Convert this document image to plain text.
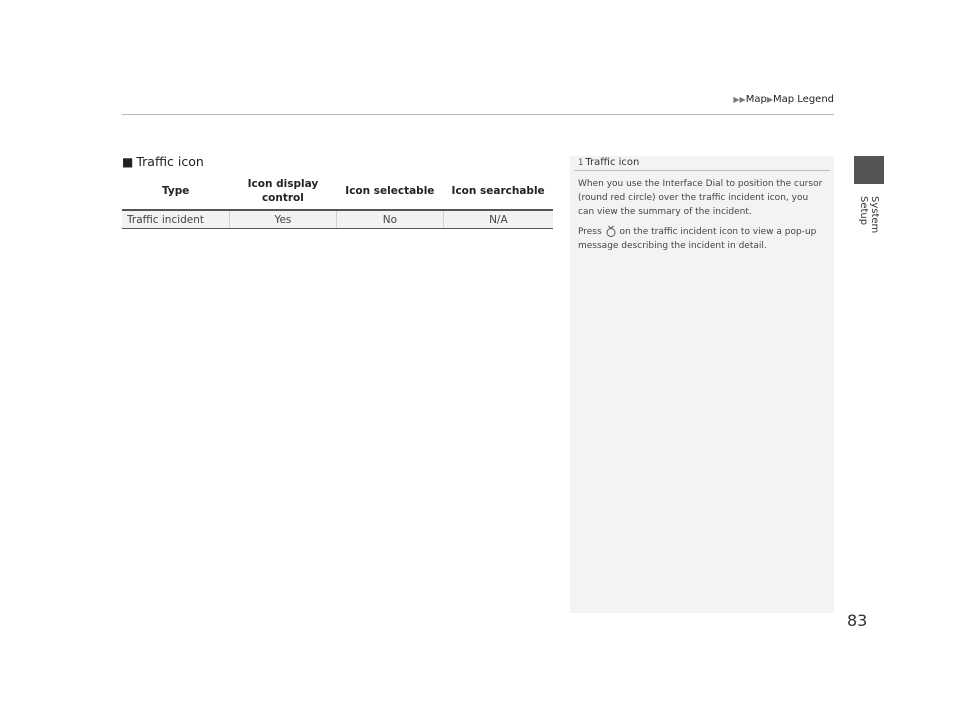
▶▶Map▶Map Legend
System Setup
■ Traffic icon
Type	Icon display control	Icon selectable	Icon searchable
Traffic incident	Yes	No	N/A
1 Traffic icon

When you use the Interface Dial to position the cursor (round red circle) over the traffic incident icon, you can view the summary of the incident.

Press on the traffic incident icon to view a pop-up message describing the incident in detail.

83
